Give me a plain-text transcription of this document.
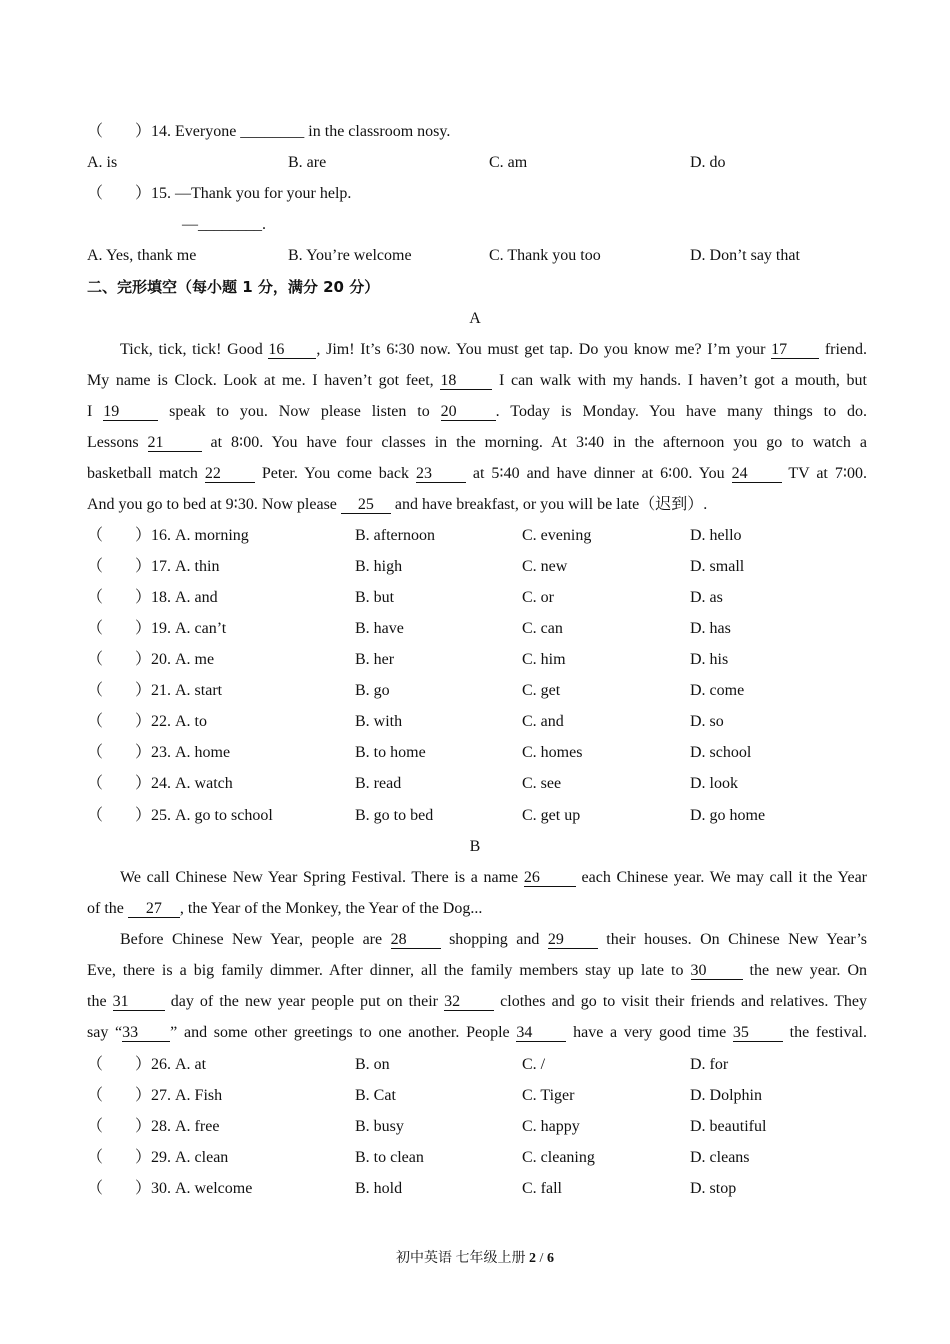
（　　）14. Everyone ________ in the classroom nosy.
A. is	B. are	C. am	D. do
（　　）15. —Thank you for your help.
—________.
A. Yes, thank me	B. You’re welcome	C. Thank you too	D. Don’t say that
二、完形填空（每小题 1 分，满分 20 分）
A
Tick, tick, tick! Good 16 , Jim! It’s 6∶30 now. You must get tap. Do you know me? I’m your 17 friend.
My name is Clock. Look at me. I haven’t got feet, 18 I can walk with my hands. I haven’t got a mouth, but
I 19 speak to you. Now please listen to 20 . Today is Monday. You have many things to do.
Lessons 21 at 8∶00. You have four classes in the morning. At 3∶40 in the afternoon you go to watch a
basketball match 22 Peter. You come back 23 at 5∶40 and have dinner at 6∶00. You 24 TV at 7∶00.
And you go to bed at 9∶30. Now please 25 and have breakfast, or you will be late（迟到）.
（　　）16. A. morning	B. afternoon	C. evening	D. hello
（　　）17. A. thin	B. high	C. new	D. small
（　　）18. A. and	B. but	C. or	D. as
（　　）19. A. can’t	B. have	C. can	D. has
（　　）20. A. me	B. her	C. him	D. his
（　　）21. A. start	B. go	C. get	D. come
（　　）22. A. to	B. with	C. and	D. so
（　　）23. A. home	B. to home	C. homes	D. school
（　　）24. A. watch	B. read	C. see	D. look
（　　）25. A. go to school	B. go to bed	C. get up	D. go home
B
We call Chinese New Year Spring Festival. There is a name 26 each Chinese year. We may call it the Year
of the 27 , the Year of the Monkey, the Year of the Dog...
Before Chinese New Year, people are 28 shopping and 29 their houses. On Chinese New Year’s
Eve, there is a big family dimmer. After dinner, all the family members stay up late to 30 the new year. On
the 31 day of the new year people put on their 32 clothes and go to visit their friends and relatives. They
say “33 ” and some other greetings to one another. People 34 have a very good time 35 the festival.
（　　）26. A. at	B. on	C. /	D. for
（　　）27. A. Fish	B. Cat	C. Tiger	D. Dolphin
（　　）28. A. free	B. busy	C. happy	D. beautiful
（　　）29. A. clean	B. to clean	C. cleaning	D. cleans
（　　）30. A. welcome	B. hold	C. fall	D. stop
初中英语 七年级上册 2 / 6
